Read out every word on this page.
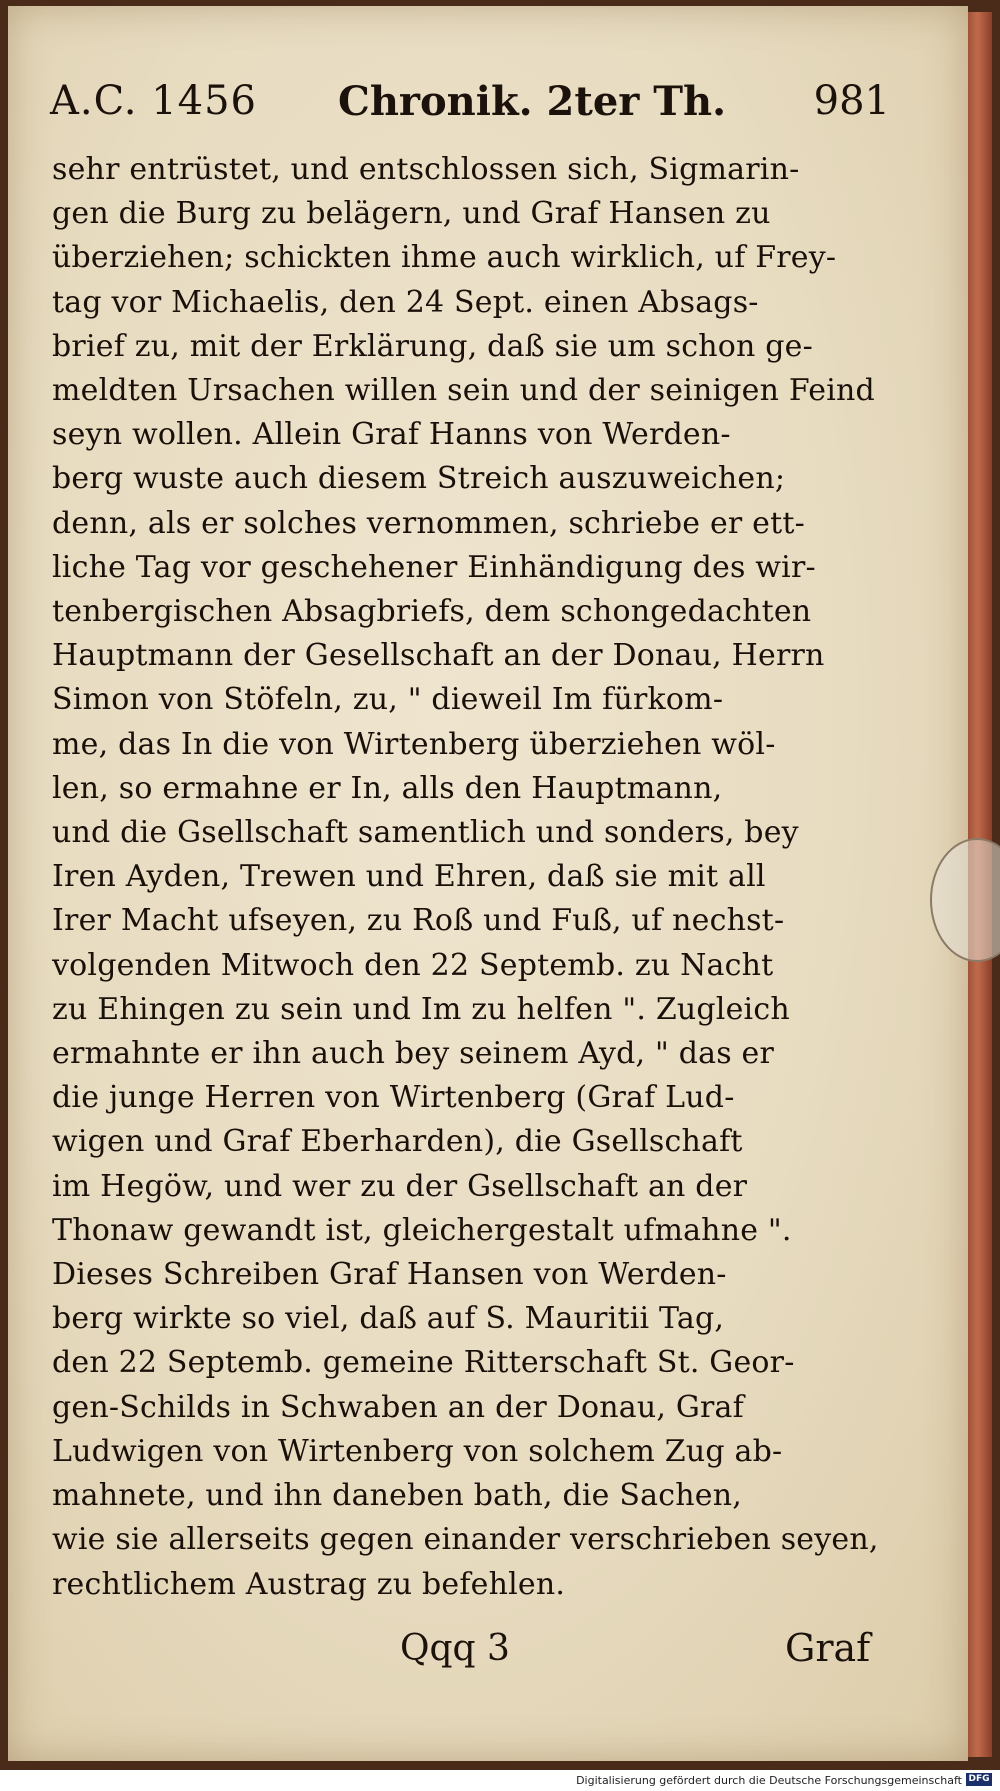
A.C. 1456 Chronik. 2ter Th. 981
sehr entrüstet, und entschlossen sich, Sigmarin-
gen die Burg zu belägern, und Graf Hansen zu
überziehen; schickten ihme auch wirklich, uf Frey-
tag vor Michaelis, den 24 Sept. einen Absags-
brief zu, mit der Erklärung, daß sie um schon ge-
meldten Ursachen willen sein und der seinigen Feind
seyn wollen. Allein Graf Hanns von Werden-
berg wuste auch diesem Streich auszuweichen;
denn, als er solches vernommen, schriebe er ett-
liche Tag vor geschehener Einhändigung des wir-
tenbergischen Absagbriefs, dem schongedachten
Hauptmann der Gesellschaft an der Donau, Herrn
Simon von Stöfeln, zu, " dieweil Im fürkom-
me, das In die von Wirtenberg überziehen wöl-
len, so ermahne er In, alls den Hauptmann,
und die Gsellschaft samentlich und sonders, bey
Iren Ayden, Trewen und Ehren, daß sie mit all
Irer Macht ufseyen, zu Roß und Fuß, uf nechst-
volgenden Mitwoch den 22 Septemb. zu Nacht
zu Ehingen zu sein und Im zu helfen ". Zugleich
ermahnte er ihn auch bey seinem Ayd, " das er
die junge Herren von Wirtenberg (Graf Lud-
wigen und Graf Eberharden), die Gsellschaft
im Hegöw, und wer zu der Gsellschaft an der
Thonaw gewandt ist, gleichergestalt ufmahne ".
Dieses Schreiben Graf Hansen von Werden-
berg wirkte so viel, daß auf S. Mauritii Tag,
den 22 Septemb. gemeine Ritterschaft St. Geor-
gen-Schilds in Schwaben an der Donau, Graf
Ludwigen von Wirtenberg von solchem Zug ab-
mahnete, und ihn daneben bath, die Sachen,
wie sie allerseits gegen einander verschrieben seyen,
rechtlichem Austrag zu befehlen.
Qqq 3	Graf
Digitalisierung gefördert durch die Deutsche Forschungsgemeinschaft DFG
